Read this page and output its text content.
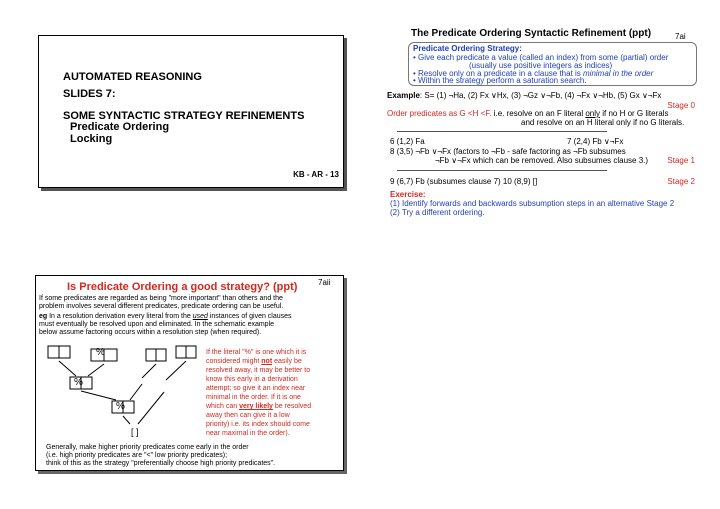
AUTOMATED REASONING
SLIDES 7:
SOME SYNTACTIC STRATEGY REFINEMENTS
Predicate Ordering
Locking
KB - AR - 13
The Predicate Ordering Syntactic Refinement (ppt)	7ai
Predicate Ordering Strategy:
• Give each predicate a value (called an index) from some (partial) order
(usually use positive integers as indices)
• Resolve only on a predicate in a clause that is minimal in the order
• Within the strategy perform a saturation search.
Example: S= (1) ¬Ha, (2) Fx ∨Hx, (3) ¬Gz ∨¬Fb, (4) ¬Fx ∨¬Hb, (5) Gx ∨¬Fx
Stage 0
Order predicates as G <H <F. i.e. resolve on an F literal only if no H or G literals
and resolve on an H literal only if no G literals.
6 (1,2) Fa	7 (2,4) Fb ∨¬Fx
8 (3,5) ¬Fb ∨¬Fx (factors to ¬Fb - safe factoring as ¬Fb subsumes
¬Fb ∨¬Fx which can be removed. Also subsumes clause 3.) Stage 1
9 (6,7) Fb (subsumes clause 7) 10 (8,9) []	Stage 2
Exercise:
(1) Identify forwards and backwards subsumption steps in an alternative Stage 2
(2) Try a different ordering.
Is Predicate Ordering a good strategy? (ppt)	7aii
If some predicates are regarded as being "more important" than others and the
problem involves several different predicates, predicate ordering can be useful.
eg In a resolution derivation every literal from the used instances of given clauses
must eventually be resolved upon and eliminated. In the schematic example
below assume factoring occurs within a resolution step (when required).
%
%
%
[ ]
If the literal "%" is one which it is
considered might not easily be
resolved away, it may be better to
know this early in a derivation
attempt; so give it an index near
minimal in the order. If it is one
which can very likely be resolved
away then can give it a low
priority) i.e. its index should come
near maximal in the order).
Generally, make higher priority predicates come early in the order
(i.e. high priority predicates are "<" low priority predicates);
think of this as the strategy "preferentially choose high priority predicates".
